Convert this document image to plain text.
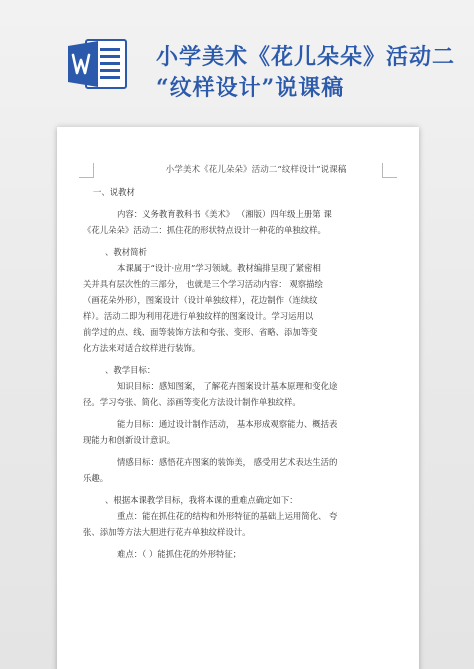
小学美术《花儿朵朵》活动二
“纹样设计”说课稿
小学美术《花儿朵朵》活动二“纹样设计”说课稿
一、说教材
内容：义务教育教科书《美术》 （湘版）四年级上册第 课
《花儿朵朵》活动二：抓住花的形状特点设计一种花的单独纹样。
、教材简析
本课属于“设计·应用”学习领域。教材编排呈现了紧密相
关并具有层次性的三部分， 也就是三个学习活动内容： 观察描绘
（画花朵外形），图案设计（设计单独纹样），花边制作（连续纹
样）。活动二即为利用花进行单独纹样的图案设计。学习运用以
前学过的点、线、面等装饰方法和夸张、变形、省略、添加等变
化方法来对适合纹样进行装饰。
、教学目标：
知识目标：感知图案， 了解花卉图案设计基本原理和变化途
径。学习夸张、简化、添画等变化方法设计制作单独纹样。
能力目标：通过设计制作活动， 基本形成观察能力、概括表
现能力和创新设计意识。
情感目标：感悟花卉图案的装饰美， 感受用艺术表达生活的
乐趣。
、根据本课教学目标，我将本课的重难点确定如下：
重点：能在抓住花的结构和外形特征的基础上运用简化、 夸
张、添加等方法大胆进行花卉单独纹样设计。
难点：（ ）能抓住花的外形特征；
